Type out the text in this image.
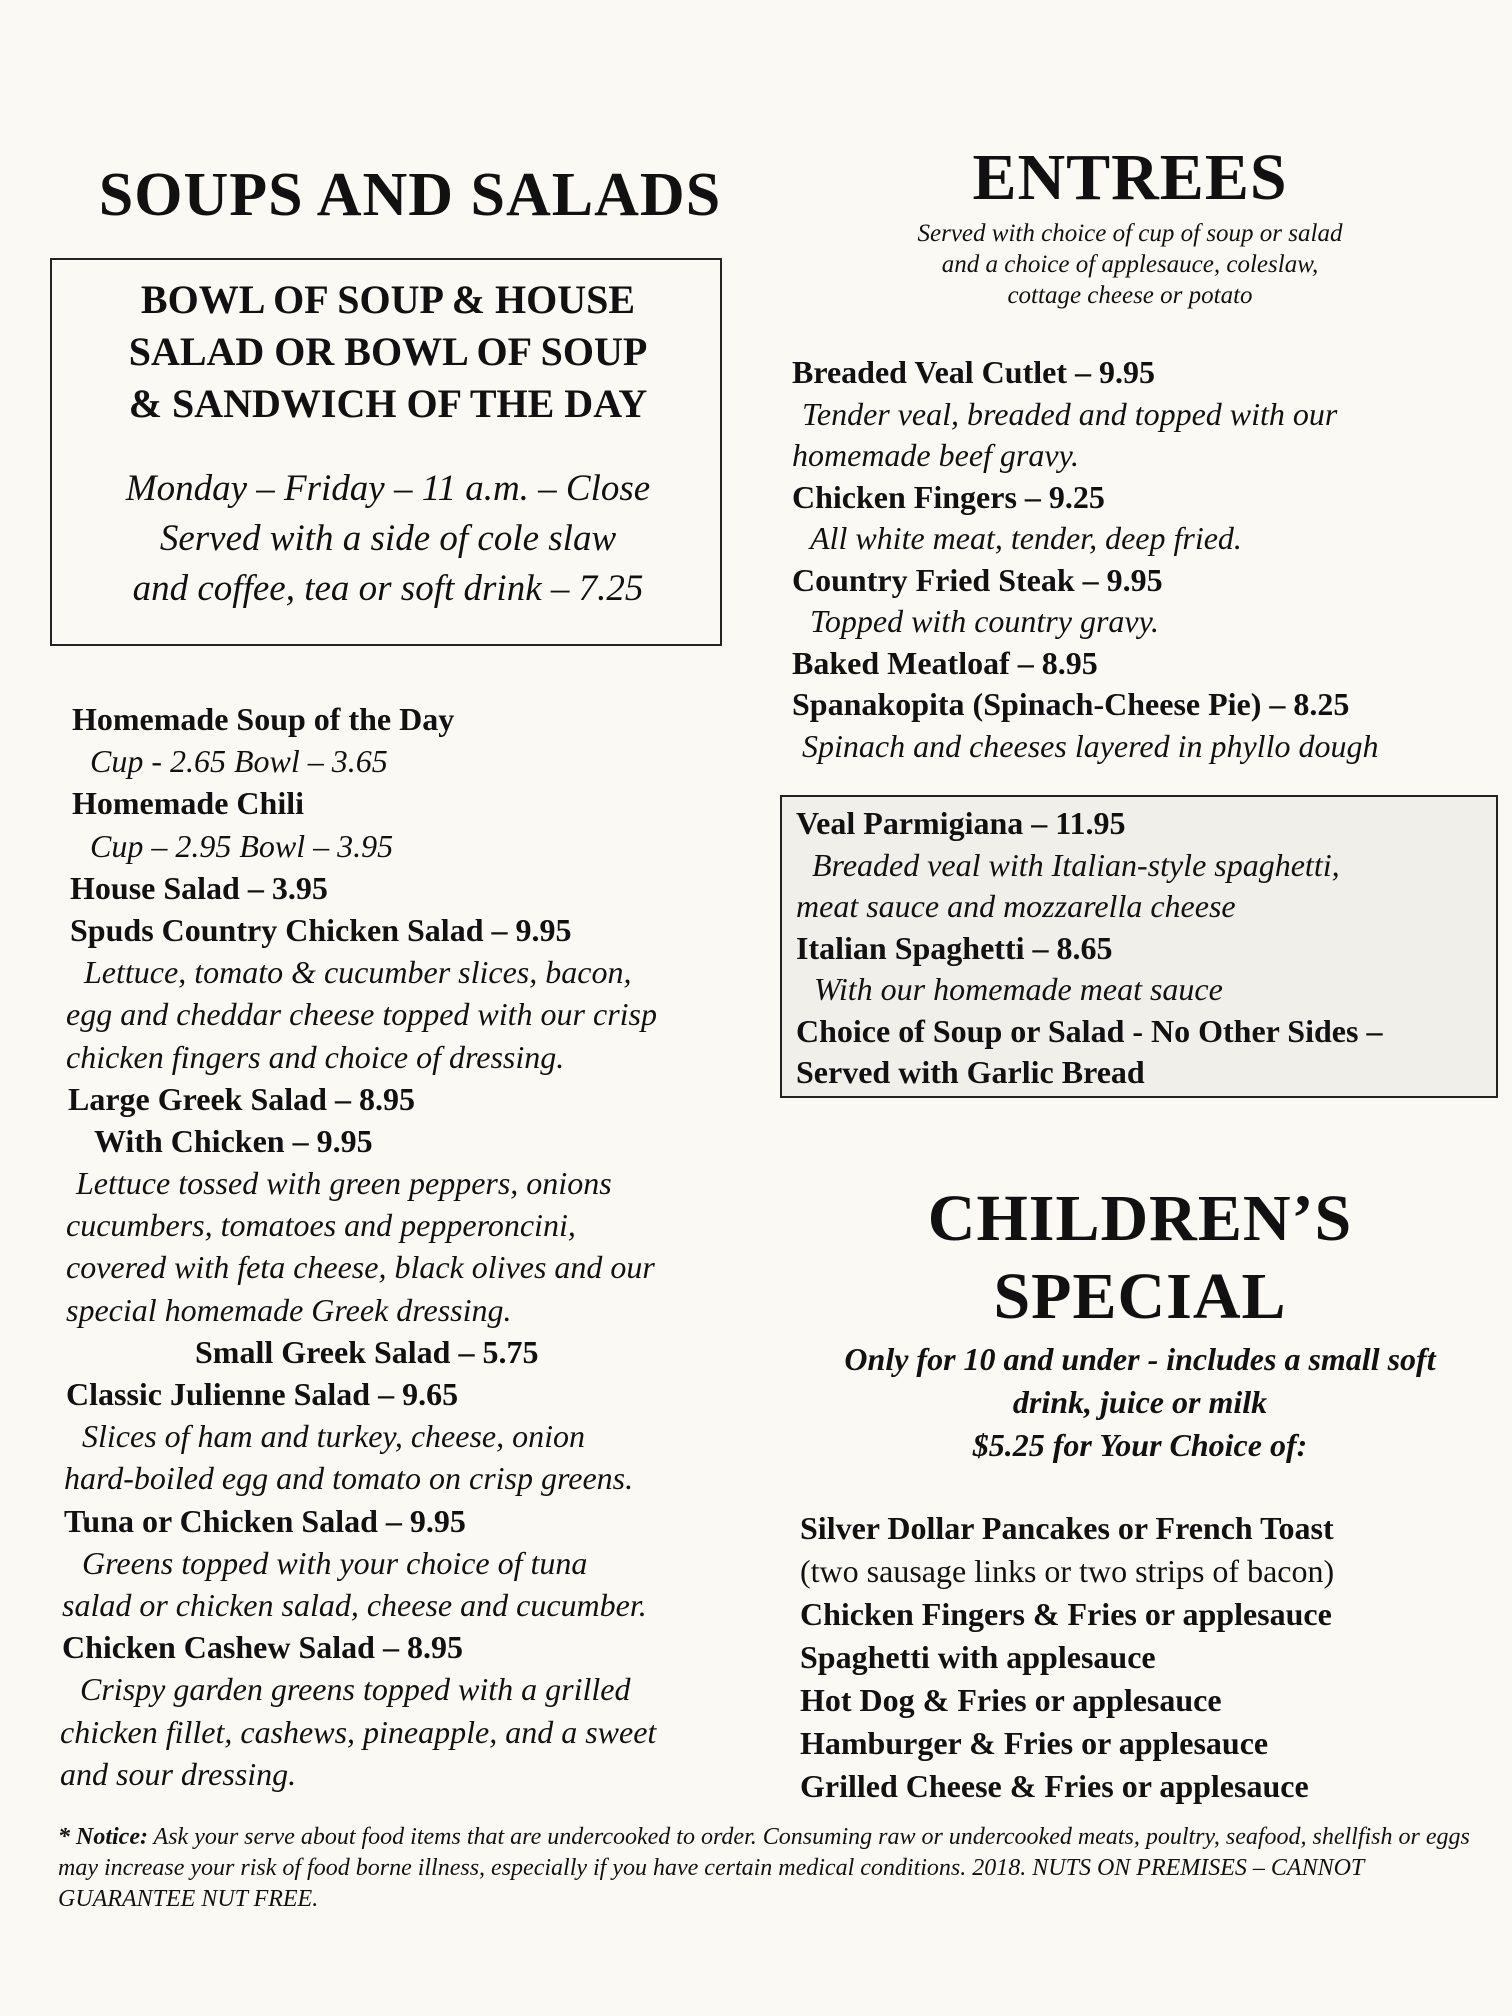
SOUPS AND SALADS
BOWL OF SOUP & HOUSE
SALAD OR BOWL OF SOUP
& SANDWICH OF THE DAY
Monday – Friday – 11 a.m. – Close
Served with a side of cole slaw
and coffee, tea or soft drink – 7.25
Homemade Soup of the Day
Cup - 2.65 Bowl – 3.65
Homemade Chili
Cup – 2.95 Bowl – 3.95
House Salad – 3.95
Spuds Country Chicken Salad – 9.95
Lettuce, tomato & cucumber slices, bacon,
egg and cheddar cheese topped with our crisp
chicken fingers and choice of dressing.
Large Greek Salad – 8.95
With Chicken – 9.95
Lettuce tossed with green peppers, onions
cucumbers, tomatoes and pepperoncini,
covered with feta cheese, black olives and our
special homemade Greek dressing.
Small Greek Salad – 5.75
Classic Julienne Salad – 9.65
Slices of ham and turkey, cheese, onion
hard-boiled egg and tomato on crisp greens.
Tuna or Chicken Salad – 9.95
Greens topped with your choice of tuna
salad or chicken salad, cheese and cucumber.
Chicken Cashew Salad – 8.95
Crispy garden greens topped with a grilled
chicken fillet, cashews, pineapple, and a sweet
and sour dressing.
ENTREES
Served with choice of cup of soup or salad
and a choice of applesauce, coleslaw,
cottage cheese or potato
Breaded Veal Cutlet – 9.95
Tender veal, breaded and topped with our
homemade beef gravy.
Chicken Fingers – 9.25
All white meat, tender, deep fried.
Country Fried Steak – 9.95
Topped with country gravy.
Baked Meatloaf – 8.95
Spanakopita (Spinach-Cheese Pie) – 8.25
Spinach and cheeses layered in phyllo dough
Veal Parmigiana – 11.95
Breaded veal with Italian-style spaghetti,
meat sauce and mozzarella cheese
Italian Spaghetti – 8.65
With our homemade meat sauce
Choice of Soup or Salad - No Other Sides –
Served with Garlic Bread
CHILDREN’S
SPECIAL
Only for 10 and under - includes a small soft
drink, juice or milk
$5.25 for Your Choice of:
Silver Dollar Pancakes or French Toast
(two sausage links or two strips of bacon)
Chicken Fingers & Fries or applesauce
Spaghetti with applesauce
Hot Dog & Fries or applesauce
Hamburger & Fries or applesauce
Grilled Cheese & Fries or applesauce
* Notice: Ask your serve about food items that are undercooked to order. Consuming raw or undercooked meats, poultry, seafood, shellfish or eggs may increase your risk of food borne illness, especially if you have certain medical conditions. 2018. NUTS ON PREMISES – CANNOT GUARANTEE NUT FREE.
